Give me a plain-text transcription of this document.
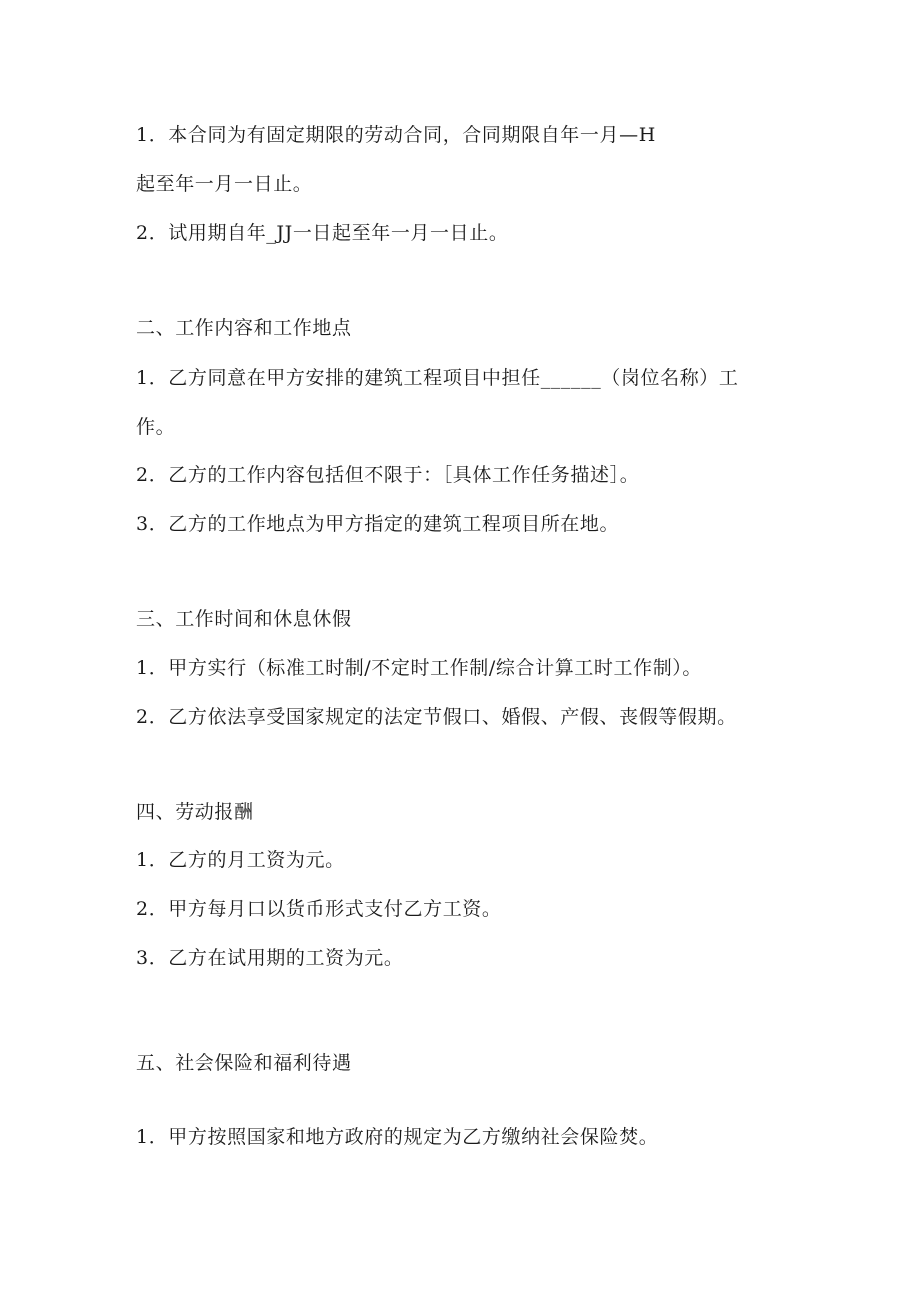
1．本合同为有固定期限的劳动合同，合同期限自年一月—H

起至年一月一日止。

2．试用期自年_JJ一日起至年一月一日止。

二、工作内容和工作地点

1．乙方同意在甲方安排的建筑工程项目中担任______（岗位名称）工

作。

2．乙方的工作内容包括但不限于：［具体工作任务描述］。

3．乙方的工作地点为甲方指定的建筑工程项目所在地。

三、工作时间和休息休假

1．甲方实行（标准工时制/不定时工作制/综合计算工时工作制）。

2．乙方依法享受国家规定的法定节假口、婚假、产假、丧假等假期。

四、劳动报酬

1．乙方的月工资为元。

2．甲方每月口以货币形式支付乙方工资。

3．乙方在试用期的工资为元。

五、社会保险和福利待遇

1．甲方按照国家和地方政府的规定为乙方缴纳社会保险焚。
